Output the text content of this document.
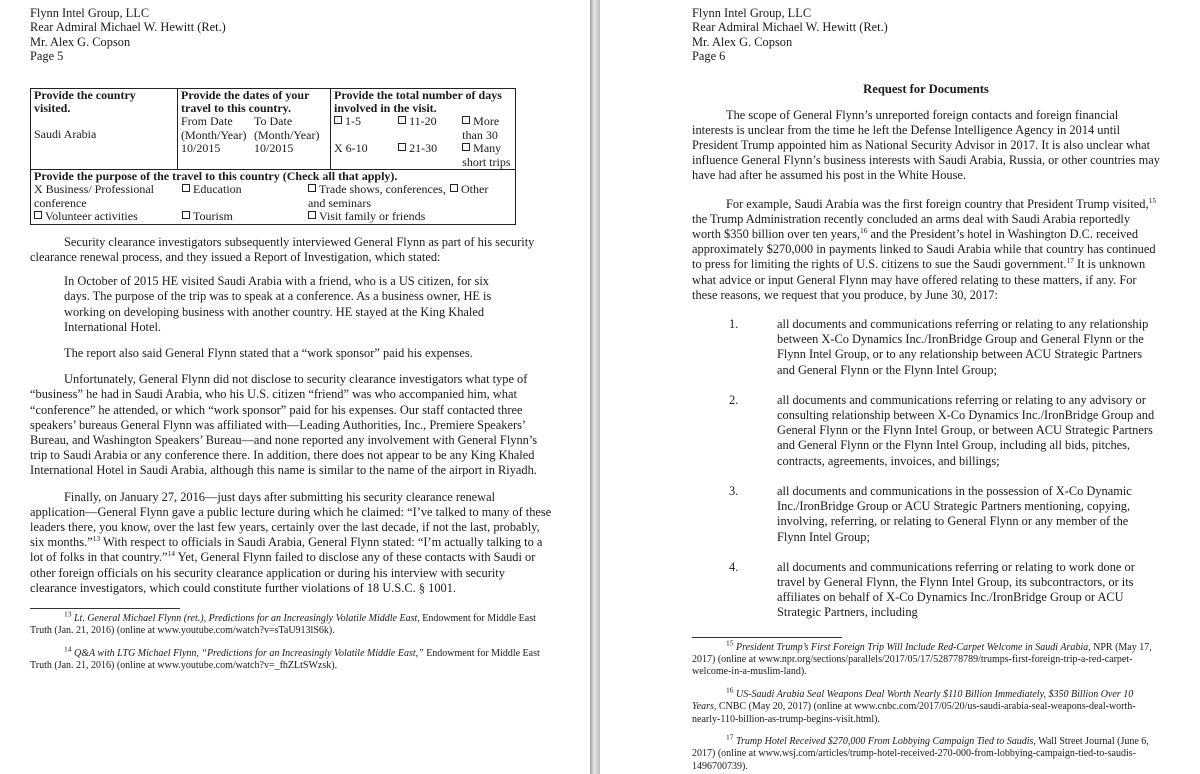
Flynn Intel Group, LLC
Rear Admiral Michael W. Hewitt (Ret.)
Mr. Alex G. Copson
Page 5
Provide the country visited.
Saudi Arabia

Provide the dates of your travel to this country.
From Date (Month/Year)	To Date (Month/Year)
10/2015	10/2015

Provide the total number of days involved in the visit.
1-5	11-20	More than 30
X 6-10	21-30	Many short trips

Provide the purpose of the travel to this country (Check all that apply).
X Business/ Professional conference	Education	Trade shows, conferences, and seminars	Other
Volunteer activities	Tourism	Visit family or friends	

Security clearance investigators subsequently interviewed General Flynn as part of his security clearance renewal process, and they issued a Report of Investigation, which stated:

In October of 2015 HE visited Saudi Arabia with a friend, who is a US citizen, for six days. The purpose of the trip was to speak at a conference. As a business owner, HE is working on developing business with another country. HE stayed at the King Khaled International Hotel.

The report also said General Flynn stated that a “work sponsor” paid his expenses.

Unfortunately, General Flynn did not disclose to security clearance investigators what type of “business” he had in Saudi Arabia, who his U.S. citizen “friend” was who accompanied him, what “conference” he attended, or which “work sponsor” paid for his expenses. Our staff contacted three speakers’ bureaus General Flynn was affiliated with—Leading Authorities, Inc., Premiere Speakers’ Bureau, and Washington Speakers’ Bureau—and none reported any involvement with General Flynn’s trip to Saudi Arabia or any conference there. In addition, there does not appear to be any King Khaled International Hotel in Saudi Arabia, although this name is similar to the name of the airport in Riyadh.

Finally, on January 27, 2016—just days after submitting his security clearance renewal application—General Flynn gave a public lecture during which he claimed: “I’ve talked to many of these leaders there, you know, over the last few years, certainly over the last decade, if not the last, probably, six months.”$^{13}$ With respect to officials in Saudi Arabia, General Flynn stated: “I’m actually talking to a lot of folks in that country.”$^{14}$ Yet, General Flynn failed to disclose any of these contacts with Saudi or other foreign officials on his security clearance application or during his interview with security clearance investigators, which could constitute further violations of 18 U.S.C. § 1001.

$^{13}$ Lt. General Michael Flynn (ret.), Predictions for an Increasingly Volatile Middle East, Endowment for Middle East Truth (Jan. 21, 2016) (online at www.youtube.com/watch?v=sTaU913lS6k).

$^{14}$ Q&A with LTG Michael Flynn, “Predictions for an Increasingly Volatile Middle East,” Endowment for Middle East Truth (Jan. 21, 2016) (online at www.youtube.com/watch?v=_fhZLtSWzsk).

Flynn Intel Group, LLC
Rear Admiral Michael W. Hewitt (Ret.)
Mr. Alex G. Copson
Page 6
Request for Documents

The scope of General Flynn’s unreported foreign contacts and foreign financial interests is unclear from the time he left the Defense Intelligence Agency in 2014 until President Trump appointed him as National Security Advisor in 2017. It is also unclear what influence General Flynn’s business interests with Saudi Arabia, Russia, or other countries may have had after he assumed his post in the White House.

For example, Saudi Arabia was the first foreign country that President Trump visited,$^{15}$ the Trump Administration recently concluded an arms deal with Saudi Arabia reportedly worth $350 billion over ten years,$^{16}$ and the President’s hotel in Washington D.C. received approximately $270,000 in payments linked to Saudi Arabia while that country has continued to press for limiting the rights of U.S. citizens to sue the Saudi government.$^{17}$ It is unknown what advice or input General Flynn may have offered relating to these matters, if any. For these reasons, we request that you produce, by June 30, 2017:

1.	all documents and communications referring or relating to any relationship between X-Co Dynamics Inc./IronBridge Group and General Flynn or the Flynn Intel Group, or to any relationship between ACU Strategic Partners and General Flynn or the Flynn Intel Group;
2.	all documents and communications referring or relating to any advisory or consulting relationship between X-Co Dynamics Inc./IronBridge Group and General Flynn or the Flynn Intel Group, or between ACU Strategic Partners and General Flynn or the Flynn Intel Group, including all bids, pitches, contracts, agreements, invoices, and billings;
3.	all documents and communications in the possession of X-Co Dynamic Inc./IronBridge Group or ACU Strategic Partners mentioning, copying, involving, referring, or relating to General Flynn or any member of the Flynn Intel Group;
4.	all documents and communications referring or relating to work done or travel by General Flynn, the Flynn Intel Group, its subcontractors, or its affiliates on behalf of X-Co Dynamics Inc./IronBridge Group or ACU Strategic Partners, including

$^{15}$ President Trump’s First Foreign Trip Will Include Red-Carpet Welcome in Saudi Arabia, NPR (May 17, 2017) (online at www.npr.org/sections/parallels/2017/05/17/528778789/trumps-first-foreign-trip-a-red-carpet-welcome-in-a-muslim-land).

$^{16}$ US-Saudi Arabia Seal Weapons Deal Worth Nearly $110 Billion Immediately, $350 Billion Over 10 Years, CNBC (May 20, 2017) (online at www.cnbc.com/2017/05/20/us-saudi-arabia-seal-weapons-deal-worth-nearly-110-billion-as-trump-begins-visit.html).

$^{17}$ Trump Hotel Received $270,000 From Lobbying Campaign Tied to Saudis, Wall Street Journal (June 6, 2017) (online at www.wsj.com/articles/trump-hotel-received-270-000-from-lobbying-campaign-tied-to-saudis-1496700739).
